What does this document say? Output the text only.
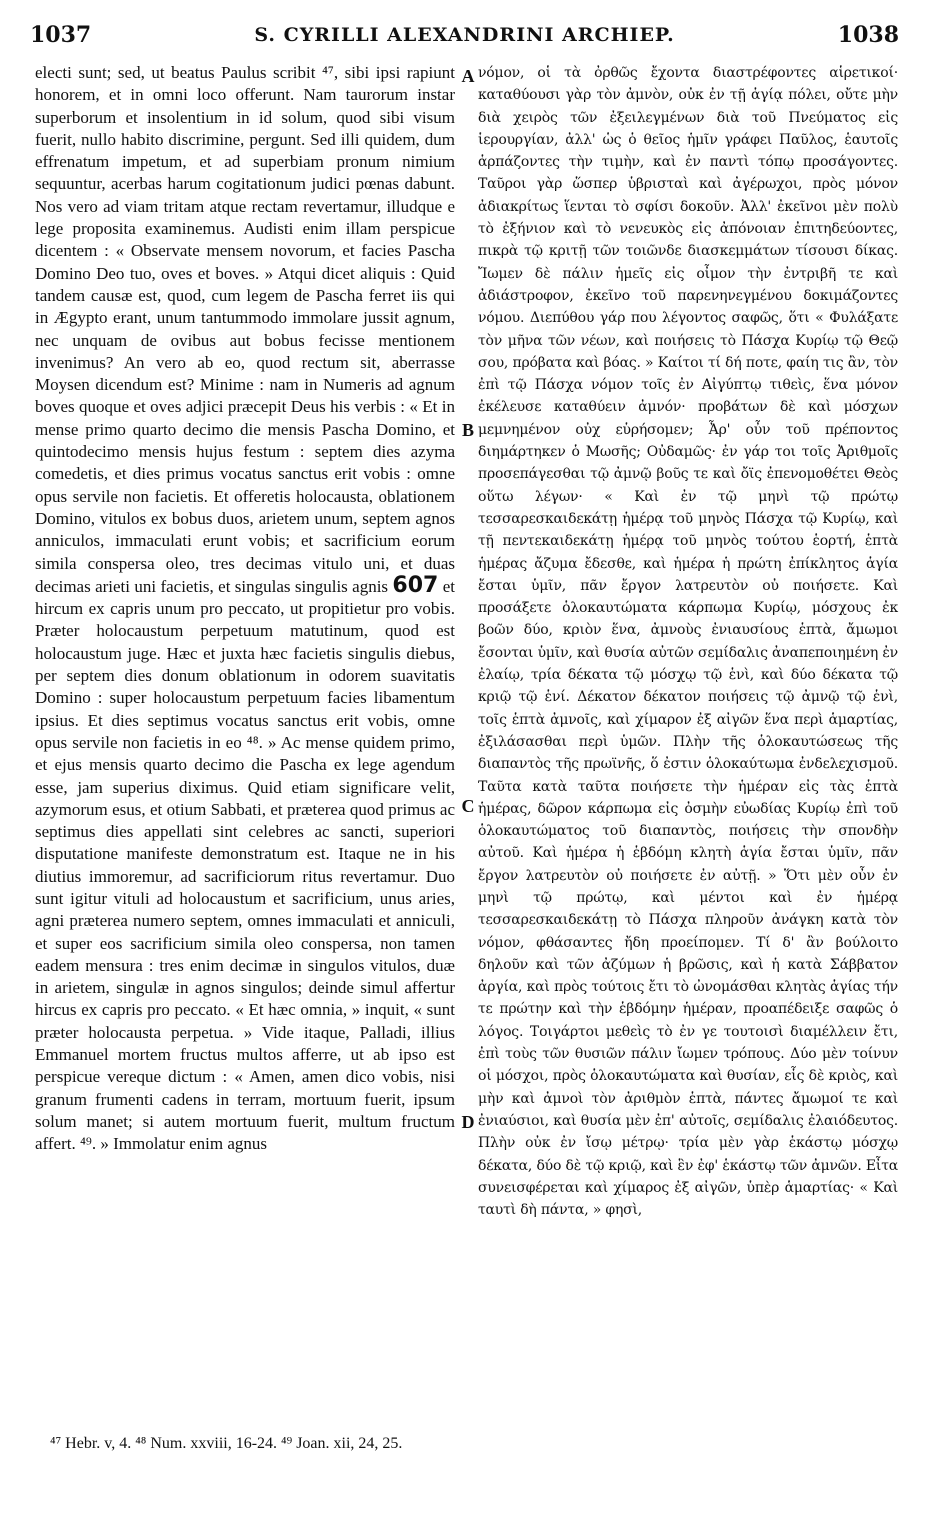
1037	S. CYRILLI ALEXANDRINI ARCHIEP.	1038

electi sunt; sed, ut beatus Paulus scribit ⁴⁷, sibi ipsi rapiunt honorem, et in omni loco offerunt. Nam taurorum instar superborum et insolentium in id solum, quod sibi visum fuerit, nullo habito discrimine, pergunt. Sed illi quidem, dum effrenatum impetum, et ad superbiam pronum nimium sequuntur, acerbas harum cogitationum judici pœnas dabunt. Nos vero ad viam tritam atque rectam revertamur, illudque e lege proposita examinemus. Audisti enim illam perspicue dicentem : « Observate mensem novorum, et facies Pascha Domino Deo tuo, oves et boves. » Atqui dicet aliquis : Quid tandem causæ est, quod, cum legem de Pascha ferret iis qui in Ægypto erant, unum tantummodo immolare jussit agnum, nec unquam de ovibus aut bobus fecisse mentionem invenimus? An vero ab eo, quod rectum sit, aberrasse Moysen dicendum est? Minime : nam in Numeris ad agnum boves quoque et oves adjici præcepit Deus his verbis : « Et in mense primo quarto decimo die mensis Pascha Domino, et quintodecimo mensis hujus festum : septem dies azyma comedetis, et dies primus vocatus sanctus erit vobis : omne opus servile non facietis. Et offeretis holocausta, oblationem Domino, vitulos ex bobus duos, arietem unum, septem agnos anniculos, immaculati erunt vobis; et sacrificium eorum simila conspersa oleo, tres decimas vitulo uni, et duas decimas arieti uni facietis, et singulas singulis agnis 607 et hircum ex capris unum pro peccato, ut propitietur pro vobis. Præter holocaustum perpetuum matutinum, quod est holocaustum juge. Hæc et juxta hæc facietis singulis diebus, per septem dies donum oblationum in odorem suavitatis Domino : super holocaustum perpetuum facies libamentum ipsius. Et dies septimus vocatus sanctus erit vobis, omne opus servile non facietis in eo ⁴⁸. » Ac mense quidem primo, et ejus mensis quarto decimo die Pascha ex lege agendum esse, jam superius diximus. Quid etiam significare velit, azymorum esus, et otium Sabbati, et præterea quod primus ac septimus dies appellati sint celebres ac sancti, superiori disputatione manifeste demonstratum est. Itaque ne in his diutius immoremur, ad sacrificiorum ritus revertamur. Duo sunt igitur vituli ad holocaustum et sacrificium, unus aries, agni præterea numero septem, omnes immaculati et anniculi, et super eos sacrificium simila oleo conspersa, non tamen eadem mensura : tres enim decimæ in singulos vitulos, duæ in arietem, singulæ in agnos singulos; deinde simul affertur hircus ex capris pro peccato. « Et hæc omnia, » inquit, « sunt præter holocausta perpetua. » Vide itaque, Palladi, illius Emmanuel mortem fructus multos afferre, ut ab ipso est perspicue vereque dictum : « Amen, amen dico vobis, nisi granum frumenti cadens in terram, mortuum fuerit, ipsum solum manet; si autem mortuum fuerit, multum fructum affert. ⁴⁹. » Immolatur enim agnus

A
B
C
D

νόμον, οἱ τὰ ὀρθῶς ἔχοντα διαστρέφοντες αἱρετικοί· καταθύουσι γὰρ τὸν ἀμνὸν, οὐκ ἐν τῇ ἁγίᾳ πόλει, οὔτε μὴν διὰ χειρὸς τῶν ἐξειλεγμένων διὰ τοῦ Πνεύματος εἰς ἱερουργίαν, ἀλλ' ὡς ὁ θεῖος ἡμῖν γράφει Παῦλος, ἑαυτοῖς ἁρπάζοντες τὴν τιμὴν, καὶ ἐν παντὶ τόπῳ προσάγοντες. Ταῦροι γὰρ ὥσπερ ὑβρισταὶ καὶ ἀγέρωχοι, πρὸς μόνον ἀδιακρίτως ἵενται τὸ σφίσι δοκοῦν. Ἀλλ' ἐκεῖνοι μὲν πολὺ τὸ ἐξήνιον καὶ τὸ νενευκὸς εἰς ἀπόνοιαν ἐπιτηδεύοντες, πικρὰ τῷ κριτῇ τῶν τοιῶνδε διασκεμμάτων τίσουσι δίκας. Ἴωμεν δὲ πάλιν ἡμεῖς εἰς οἶμον τὴν ἐντριβῆ τε καὶ ἀδιάστροφον, ἐκεῖνο τοῦ παρενηνεγμένου δοκιμάζοντες νόμου. Διεπύθου γάρ που λέγοντος σαφῶς, ὅτι « Φυλάξατε τὸν μῆνα τῶν νέων, καὶ ποιήσεις τὸ Πάσχα Κυρίῳ τῷ Θεῷ σου, πρόβατα καὶ βόας. » Καίτοι τί δή ποτε, φαίη τις ἂν, τὸν ἐπὶ τῷ Πάσχα νόμον τοῖς ἐν Αἰγύπτῳ τιθεὶς, ἕνα μόνον ἐκέλευσε καταθύειν ἀμνόν· προβάτων δὲ καὶ μόσχων μεμνημένον οὐχ εὑρήσομεν; Ἆρ' οὖν τοῦ πρέποντος διημάρτηκεν ὁ Μωσῆς; Οὐδαμῶς· ἐν γάρ τοι τοῖς Ἀριθμοῖς προσεπάγεσθαι τῷ ἀμνῷ βοῦς τε καὶ ὄϊς ἐπενομοθέτει Θεὸς οὕτω λέγων· « Καὶ ἐν τῷ μηνὶ τῷ πρώτῳ τεσσαρεσκαιδεκάτῃ ἡμέρᾳ τοῦ μηνὸς Πάσχα τῷ Κυρίῳ, καὶ τῇ πεντεκαιδεκάτῃ ἡμέρᾳ τοῦ μηνὸς τούτου ἑορτή, ἑπτὰ ἡμέρας ἄζυμα ἔδεσθε, καὶ ἡμέρα ἡ πρώτη ἐπίκλητος ἁγία ἔσται ὑμῖν, πᾶν ἔργον λατρευτὸν οὐ ποιήσετε. Καὶ προσάξετε ὁλοκαυτώματα κάρπωμα Κυρίῳ, μόσχους ἐκ βοῶν δύο, κριὸν ἕνα, ἀμνοὺς ἐνιαυσίους ἑπτὰ, ἄμωμοι ἔσονται ὑμῖν, καὶ θυσία αὐτῶν σεμίδαλις ἀναπεποιημένη ἐν ἐλαίῳ, τρία δέκατα τῷ μόσχῳ τῷ ἑνὶ, καὶ δύο δέκατα τῷ κριῷ τῷ ἑνί. Δέκατον δέκατον ποιήσεις τῷ ἀμνῷ τῷ ἑνὶ, τοῖς ἑπτὰ ἀμνοῖς, καὶ χίμαρον ἐξ αἰγῶν ἕνα περὶ ἁμαρτίας, ἐξιλάσασθαι περὶ ὑμῶν. Πλὴν τῆς ὁλοκαυτώσεως τῆς διαπαντὸς τῆς πρωϊνῆς, ὅ ἐστιν ὁλοκαύτωμα ἐνδελεχισμοῦ. Ταῦτα κατὰ ταῦτα ποιήσετε τὴν ἡμέραν εἰς τὰς ἑπτὰ ἡμέρας, δῶρον κάρπωμα εἰς ὀσμὴν εὐωδίας Κυρίῳ ἐπὶ τοῦ ὁλοκαυτώματος τοῦ διαπαντὸς, ποιήσεις τὴν σπονδὴν αὐτοῦ. Καὶ ἡμέρα ἡ ἑβδόμη κλητὴ ἁγία ἔσται ὑμῖν, πᾶν ἔργον λατρευτὸν οὐ ποιήσετε ἐν αὐτῇ. » Ὅτι μὲν οὖν ἐν μηνὶ τῷ πρώτῳ, καὶ μέντοι καὶ ἐν ἡμέρᾳ τεσσαρεσκαιδεκάτῃ τὸ Πάσχα πληροῦν ἀνάγκη κατὰ τὸν νόμον, φθάσαντες ἤδη προείπομεν. Τί δ' ἂν βούλοιτο δηλοῦν καὶ τῶν ἀζύμων ἡ βρῶσις, καὶ ἡ κατὰ Σάββατον ἀργία, καὶ πρὸς τούτοις ἔτι τὸ ὠνομάσθαι κλητὰς ἁγίας τήν τε πρώτην καὶ τὴν ἑβδόμην ἡμέραν, προαπέδειξε σαφῶς ὁ λόγος. Τοιγάρτοι μεθεὶς τὸ ἐν γε τουτοισὶ διαμέλλειν ἔτι, ἐπὶ τοὺς τῶν θυσιῶν πάλιν ἴωμεν τρόπους. Δύο μὲν τοίνυν οἱ μόσχοι, πρὸς ὁλοκαυτώματα καὶ θυσίαν, εἷς δὲ κριὸς, καὶ μὴν καὶ ἀμνοὶ τὸν ἀριθμὸν ἑπτὰ, πάντες ἄμωμοί τε καὶ ἐνιαύσιοι, καὶ θυσία μὲν ἐπ' αὐτοῖς, σεμίδαλις ἐλαιόδευτος. Πλὴν οὐκ ἐν ἴσῳ μέτρῳ· τρία μὲν γὰρ ἑκάστῳ μόσχῳ δέκατα, δύο δὲ τῷ κριῷ, καὶ ἓν ἐφ' ἑκάστῳ τῶν ἀμνῶν. Εἶτα συνεισφέρεται καὶ χίμαρος ἐξ αἰγῶν, ὑπὲρ ἁμαρτίας· « Καὶ ταυτὶ δὴ πάντα, » φησὶ,

⁴⁷ Hebr. v, 4. ⁴⁸ Num. xxviii, 16-24. ⁴⁹ Joan. xii, 24, 25.
